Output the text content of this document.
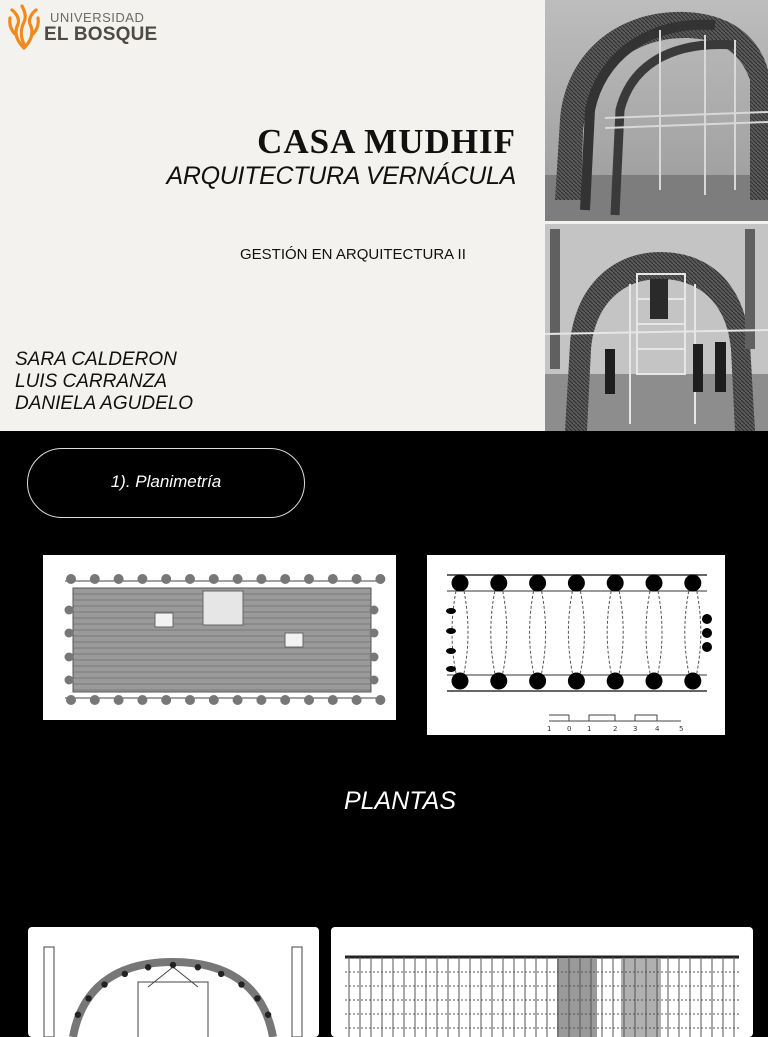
UNIVERSIDAD
EL BOSQUE
CASA MUDHIF
ARQUITECTURA VERNÁCULA
GESTIÓN EN ARQUITECTURA II
SARA CALDERON
LUIS CARRANZA
DANIELA AGUDELO
1). Planimetría
1 0 1	2 3	4	5
PLANTAS
